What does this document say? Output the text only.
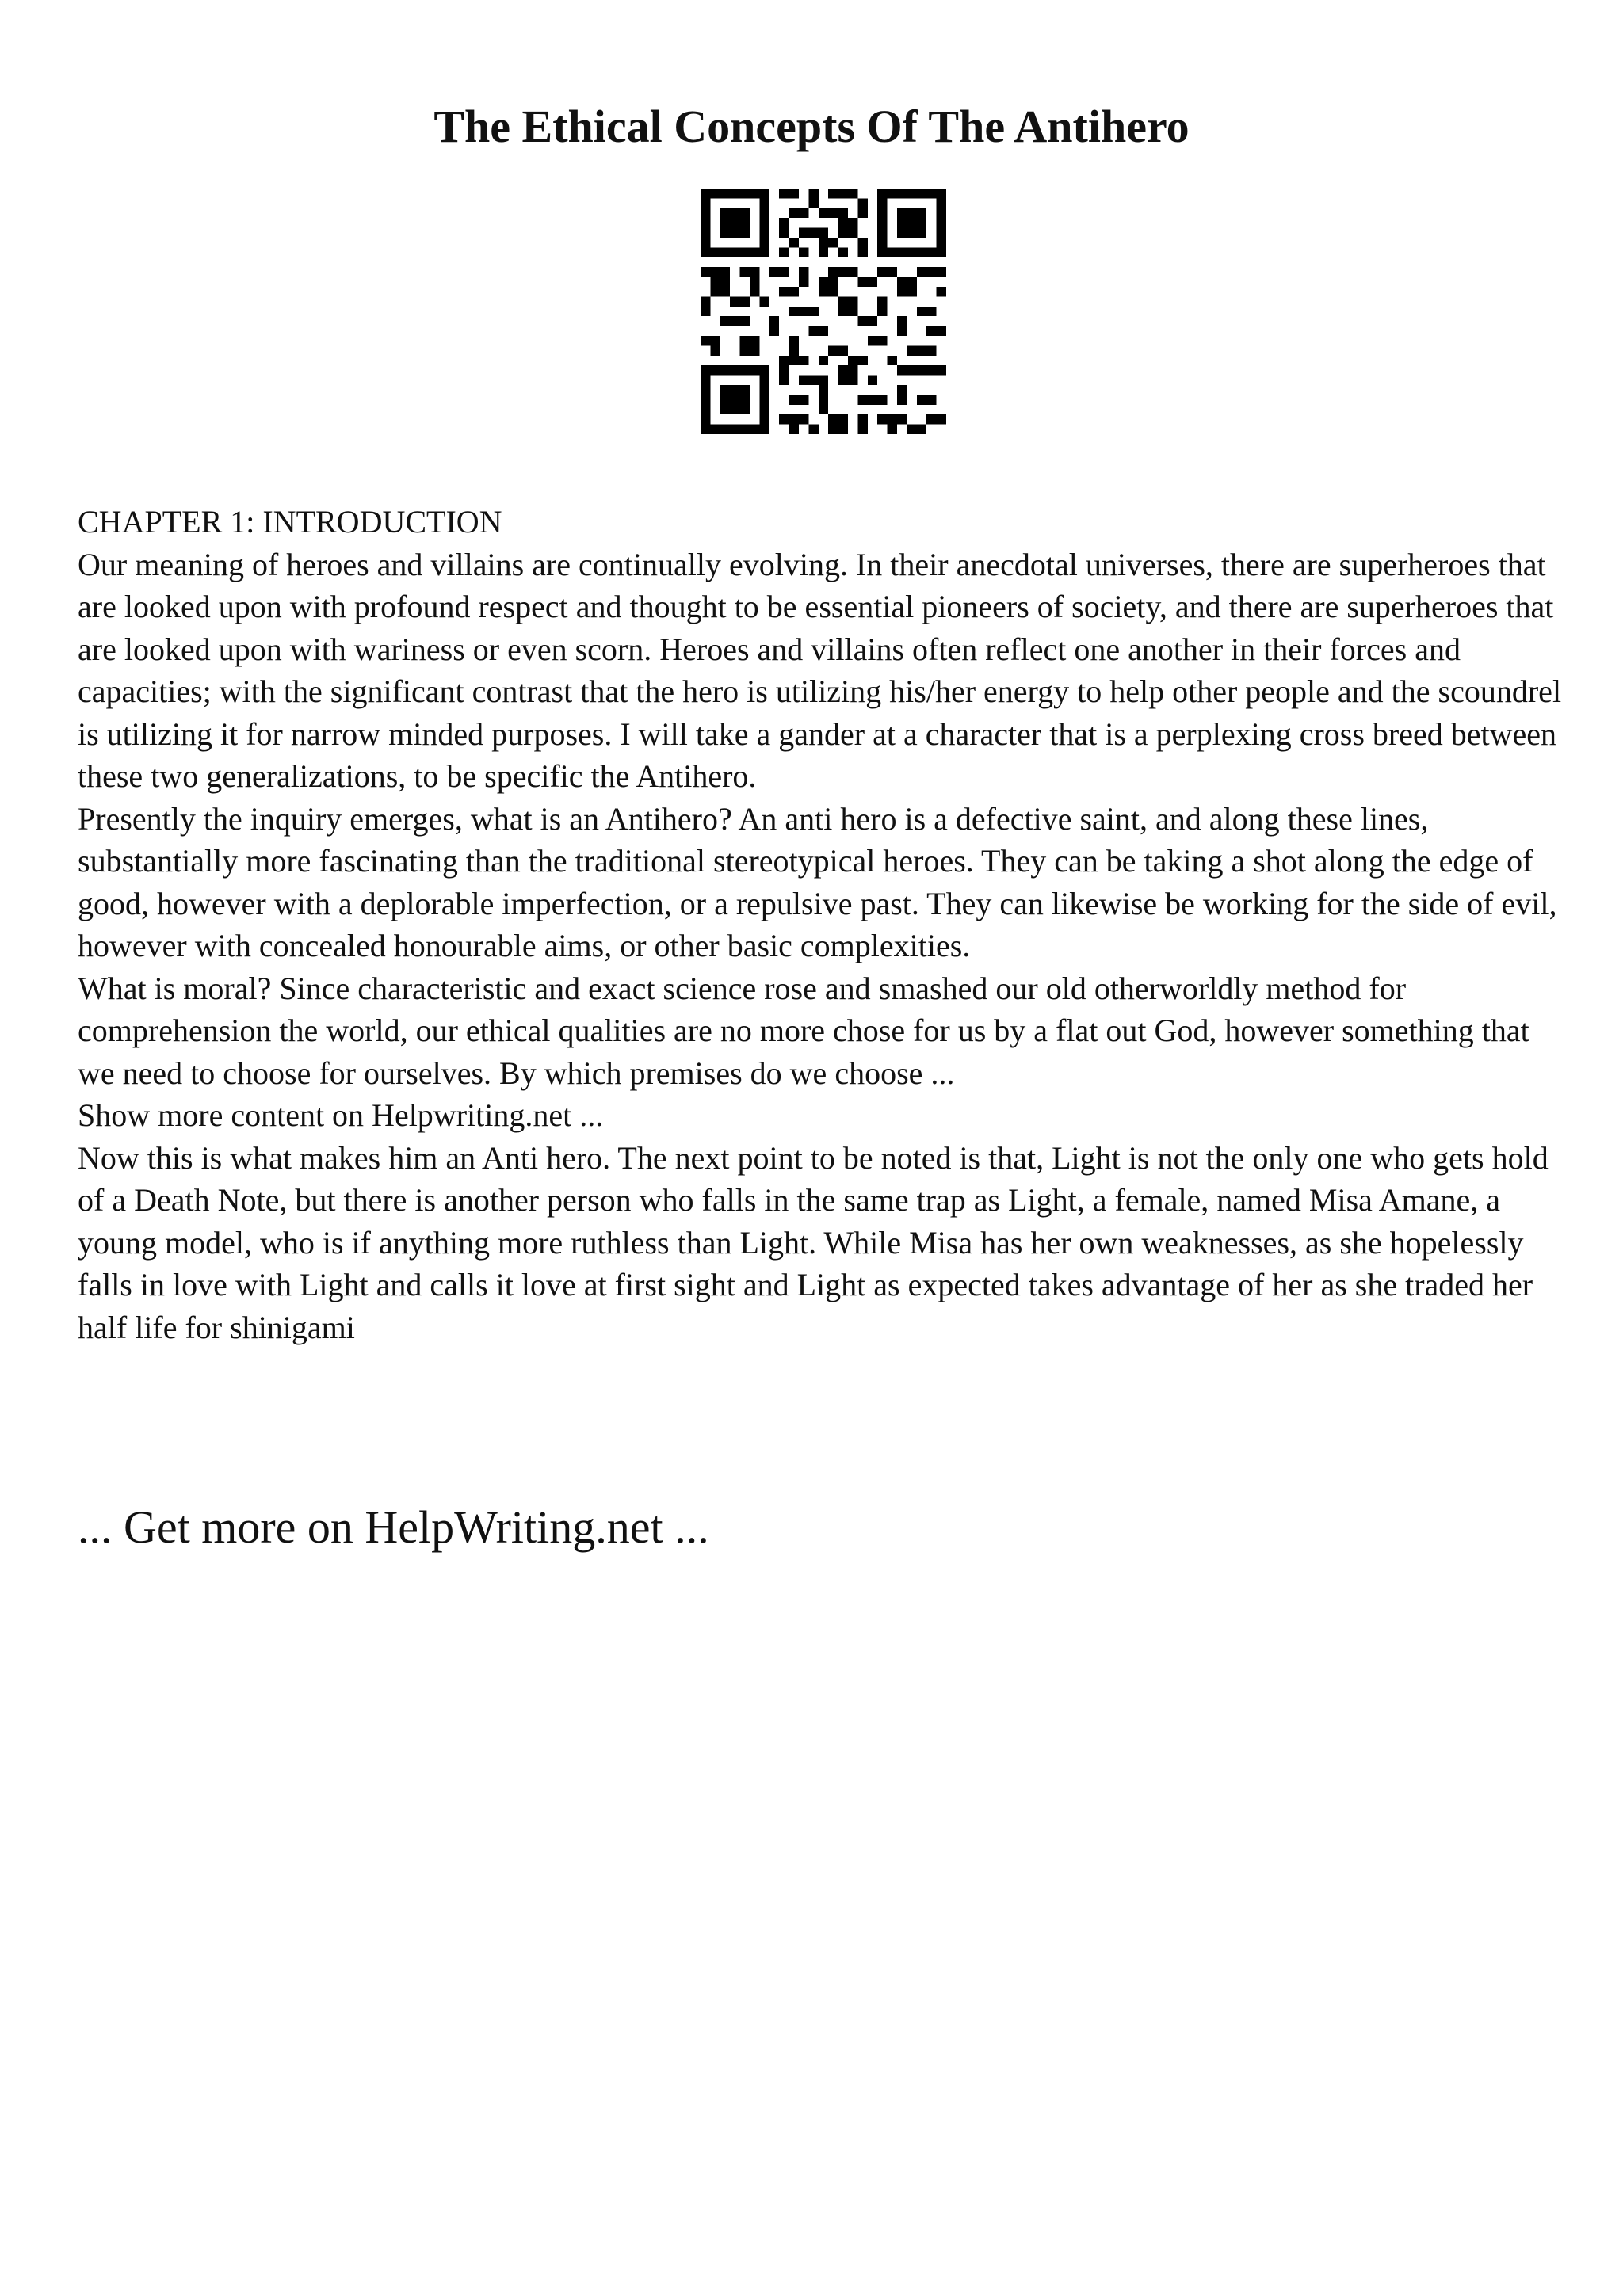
The Ethical Concepts Of The Antihero

CHAPTER 1: INTRODUCTION

Our meaning of heroes and villains are continually evolving. In their anecdotal universes, there are superheroes that are looked upon with profound respect and thought to be essential pioneers of society, and there are superheroes that are looked upon with wariness or even scorn. Heroes and villains often reflect one another in their forces and capacities; with the significant contrast that the hero is utilizing his/her energy to help other people and the scoundrel is utilizing it for narrow minded purposes. I will take a gander at a character that is a perplexing cross breed between these two generalizations, to be specific the Antihero.

Presently the inquiry emerges, what is an Antihero? An anti hero is a defective saint, and along these lines, substantially more fascinating than the traditional stereotypical heroes. They can be taking a shot along the edge of good, however with a deplorable imperfection, or a repulsive past. They can likewise be working for the side of evil, however with concealed honourable aims, or other basic complexities.

What is moral? Since characteristic and exact science rose and smashed our old otherworldly method for comprehension the world, our ethical qualities are no more chose for us by a flat out God, however something that we need to choose for ourselves. By which premises do we choose ...

Show more content on Helpwriting.net ...

Now this is what makes him an Anti hero. The next point to be noted is that, Light is not the only one who gets hold of a Death Note, but there is another person who falls in the same trap as Light, a female, named Misa Amane, a young model, who is if anything more ruthless than Light. While Misa has her own weaknesses, as she hopelessly falls in love with Light and calls it love at first sight and Light as expected takes advantage of her as she traded her half life for shinigami

... Get more on HelpWriting.net ...
